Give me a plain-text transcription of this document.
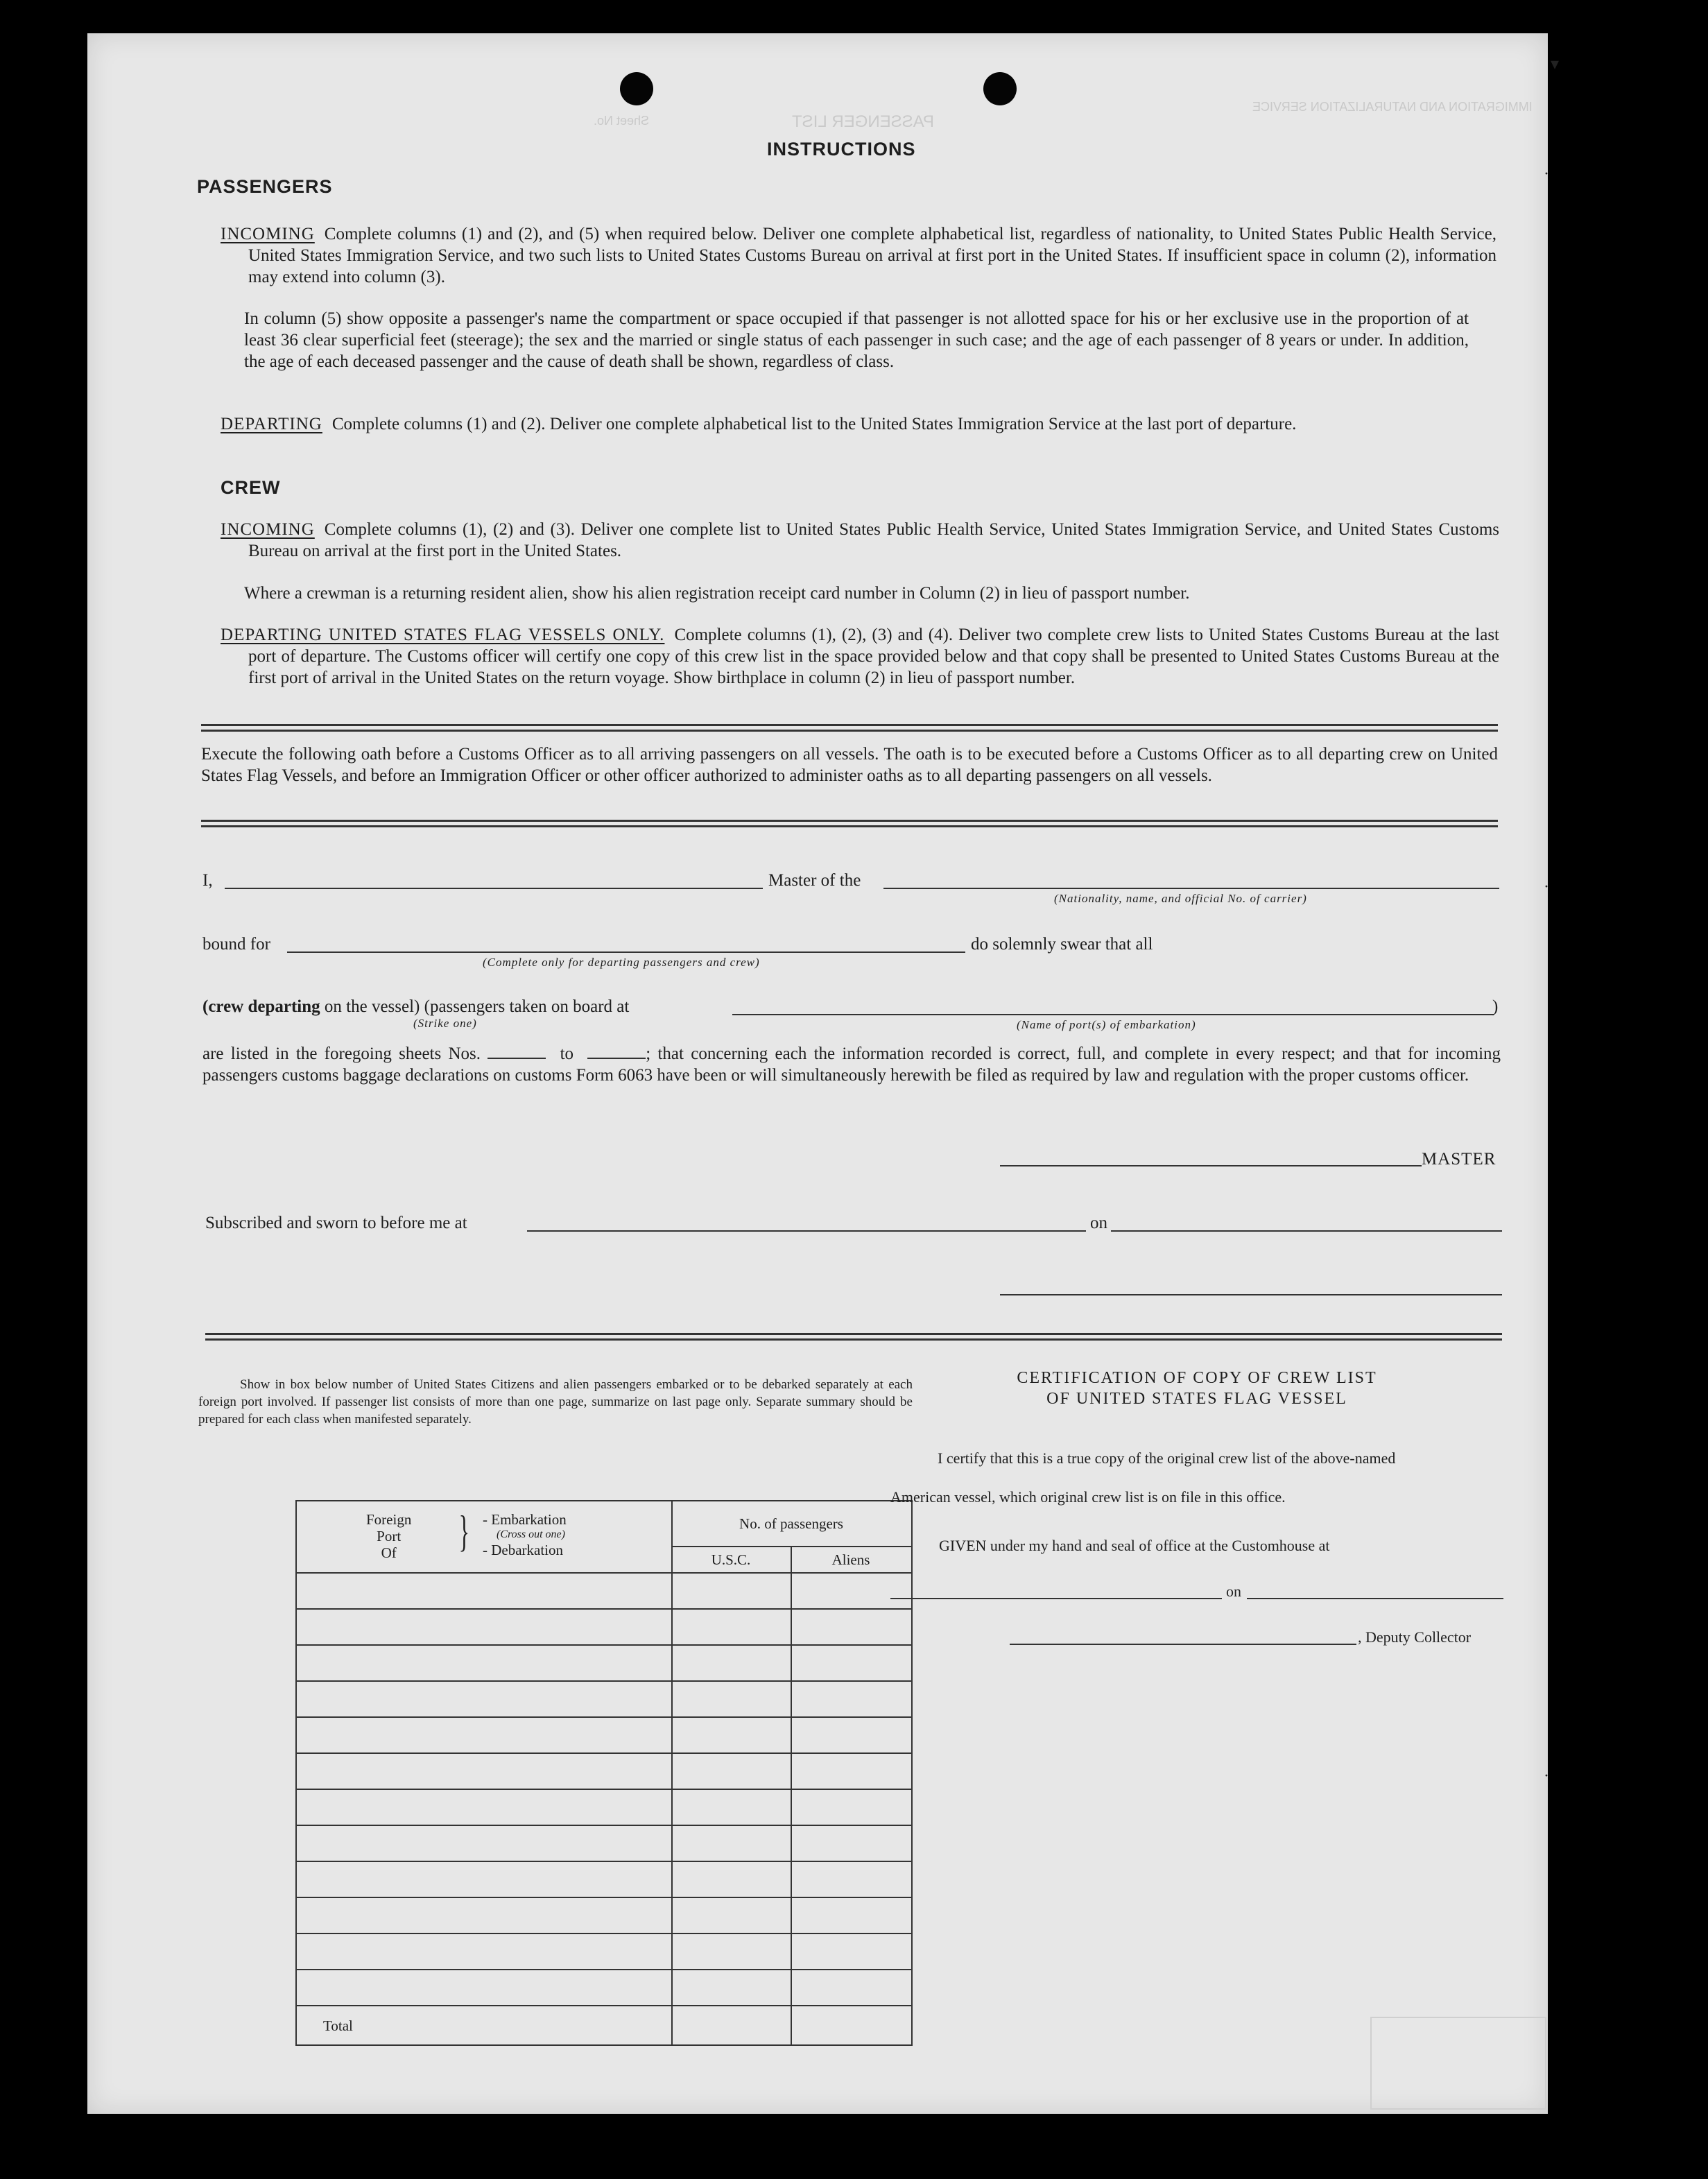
PASSENGER LIST
Sheet No.
IMMIGRATION AND NATURALIZATION SERVICE
▾
·
·
·
INSTRUCTIONS
PASSENGERS
INCOMING Complete columns (1) and (2), and (5) when required below. Deliver one complete alphabetical list, regardless of nationality, to United States Public Health Service, United States Immigration Service, and two such lists to United States Customs Bureau on arrival at first port in the United States. If insufficient space in column (2), information may extend into column (3).
In column (5) show opposite a passenger's name the compartment or space occupied if that passenger is not allotted space for his or her exclusive use in the proportion of at least 36 clear superficial feet (steerage); the sex and the married or single status of each passenger in such case; and the age of each passenger of 8 years or under. In addition, the age of each deceased passenger and the cause of death shall be shown, regardless of class.
DEPARTING Complete columns (1) and (2). Deliver one complete alphabetical list to the United States Immigration Service at the last port of departure.
CREW
INCOMING Complete columns (1), (2) and (3). Deliver one complete list to United States Public Health Service, United States Immigration Service, and United States Customs Bureau on arrival at the first port in the United States.
Where a crewman is a returning resident alien, show his alien registration receipt card number in Column (2) in lieu of passport number.
DEPARTING UNITED STATES FLAG VESSELS ONLY. Complete columns (1), (2), (3) and (4). Deliver two complete crew lists to United States Customs Bureau at the last port of departure. The Customs officer will certify one copy of this crew list in the space provided below and that copy shall be presented to United States Customs Bureau at the first port of arrival in the United States on the return voyage. Show birthplace in column (2) in lieu of passport number.
Execute the following oath before a Customs Officer as to all arriving passengers on all vessels. The oath is to be executed before a Customs Officer as to all departing crew on United States Flag Vessels, and before an Immigration Officer or other officer authorized to administer oaths as to all departing passengers on all vessels.
I,	Master of the
(Nationality, name, and official No. of carrier)
bound for
(Complete only for departing passengers and crew)
do solemnly swear that all
(crew departing on the vessel) (passengers taken on board at	)
(Strike one)	(Name of port(s) of embarkation)
are listed in the foregoing sheets Nos.	to	; that concerning each the information recorded is correct, full, and complete in every respect; and that for incoming passengers customs baggage declarations on customs Form 6063 have been or will simultaneously herewith be filed as required by law and regulation with the proper customs officer.
MASTER
Subscribed and sworn to before me at	on
Show in box below number of United States Citizens and alien passengers embarked or to be debarked separately at each foreign port involved. If passenger list consists of more than one page, summarize on last page only. Separate summary should be prepared for each class when manifested separately.
Foreign
Port
Of	} - Embarkation
(Cross out one)
- Debarkation
No. of passengers
U.S.C.	Aliens
Total
CERTIFICATION OF COPY OF CREW LIST
OF UNITED STATES FLAG VESSEL
I certify that this is a true copy of the original crew list of the above-named
American vessel, which original crew list is on file in this office.
GIVEN under my hand and seal of office at the Customhouse at
on
, Deputy Collector
